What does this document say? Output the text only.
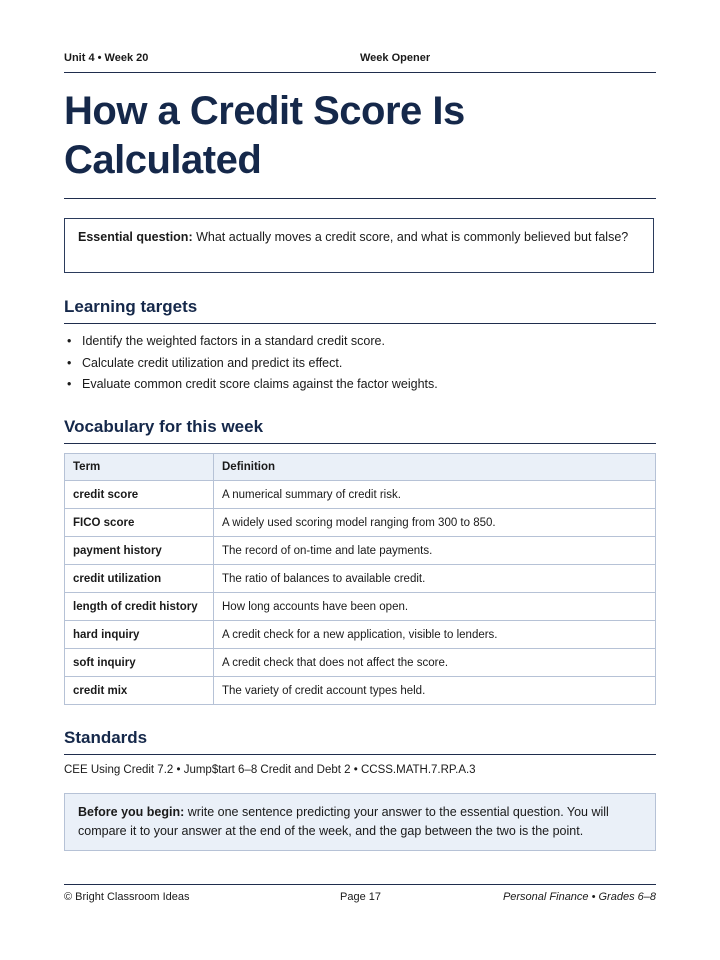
Unit 4 • Week 20	Week Opener
How a Credit Score Is Calculated
Essential question: What actually moves a credit score, and what is commonly believed but false?
Learning targets
• Identify the weighted factors in a standard credit score.
• Calculate credit utilization and predict its effect.
• Evaluate common credit score claims against the factor weights.
Vocabulary for this week
Term	Definition
credit score	A numerical summary of credit risk.
FICO score	A widely used scoring model ranging from 300 to 850.
payment history	The record of on-time and late payments.
credit utilization	The ratio of balances to available credit.
length of credit history	How long accounts have been open.
hard inquiry	A credit check for a new application, visible to lenders.
soft inquiry	A credit check that does not affect the score.
credit mix	The variety of credit account types held.
Standards
CEE Using Credit 7.2 • Jump$tart 6–8 Credit and Debt 2 • CCSS.MATH.7.RP.A.3
Before you begin: write one sentence predicting your answer to the essential question. You will compare it to your answer at the end of the week, and the gap between the two is the point.
© Bright Classroom Ideas	Page 17	Personal Finance • Grades 6–8
